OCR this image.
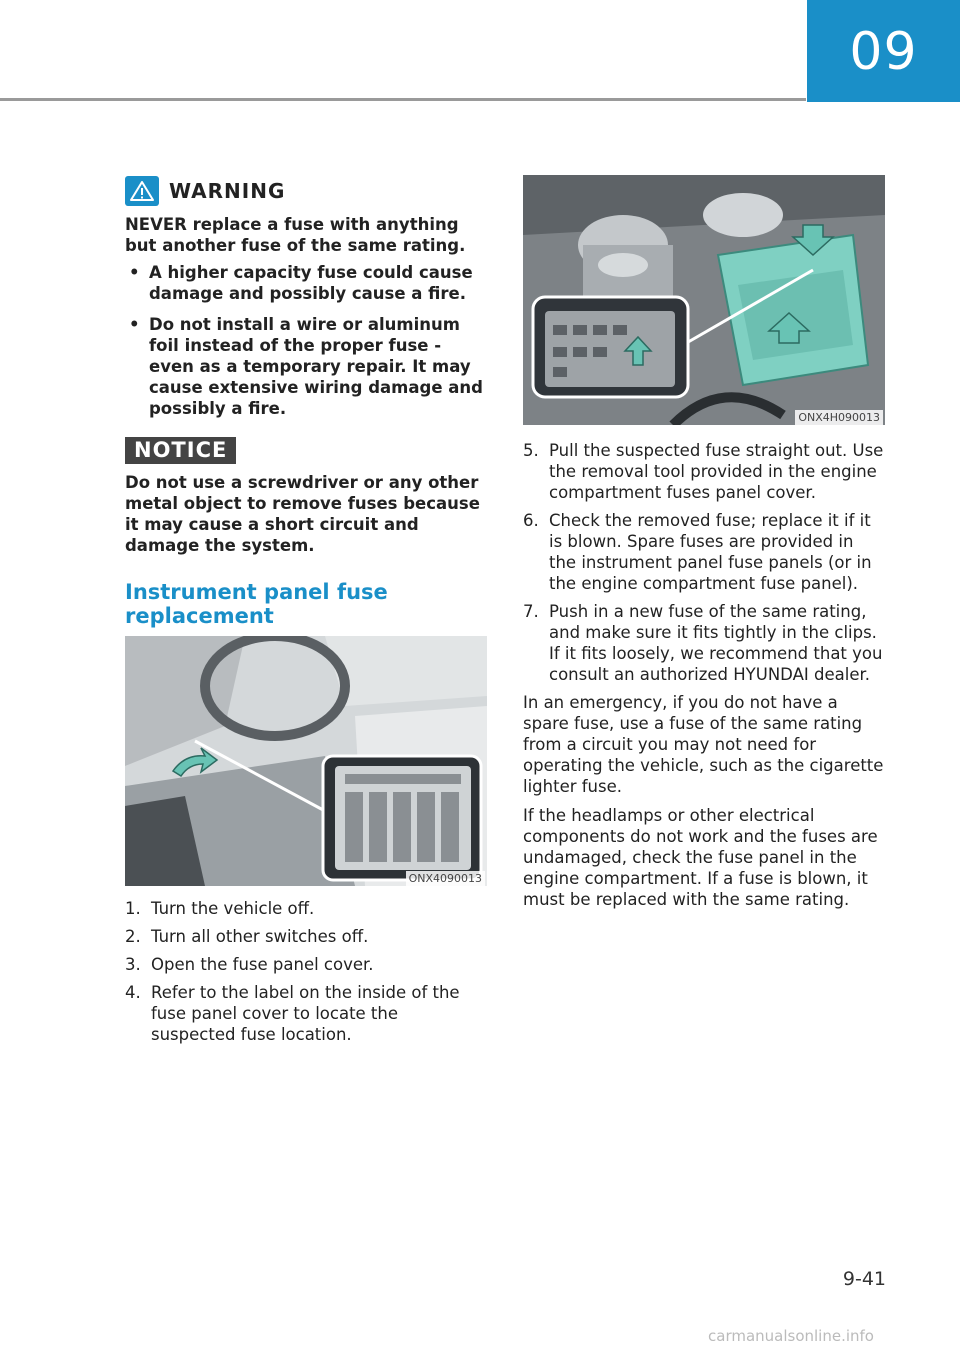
09
WARNING
NEVER replace a fuse with anything but another fuse of the same rating.
• A higher capacity fuse could cause damage and possibly cause a fire.
• Do not install a wire or aluminum foil instead of the proper fuse - even as a temporary repair. It may cause extensive wiring damage and possibly a fire.
NOTICE
Do not use a screwdriver or any other metal object to remove fuses because it may cause a short circuit and damage the system.
Instrument panel fuse replacement
ONX4090013
1. Turn the vehicle off.
2. Turn all other switches off.
3. Open the fuse panel cover.
4. Refer to the label on the inside of the fuse panel cover to locate the suspected fuse location.
ONX4H090013
5. Pull the suspected fuse straight out. Use the removal tool provided in the engine compartment fuses panel cover.
6. Check the removed fuse; replace it if it is blown. Spare fuses are provided in the instrument panel fuse panels (or in the engine compartment fuse panel).
7. Push in a new fuse of the same rating, and make sure it fits tightly in the clips. If it fits loosely, we recommend that you consult an authorized HYUNDAI dealer.

In an emergency, if you do not have a spare fuse, use a fuse of the same rating from a circuit you may not need for operating the vehicle, such as the cigarette lighter fuse.

If the headlamps or other electrical components do not work and the fuses are undamaged, check the fuse panel in the engine compartment. If a fuse is blown, it must be replaced with the same rating.

9-41
carmanualsonline.info
